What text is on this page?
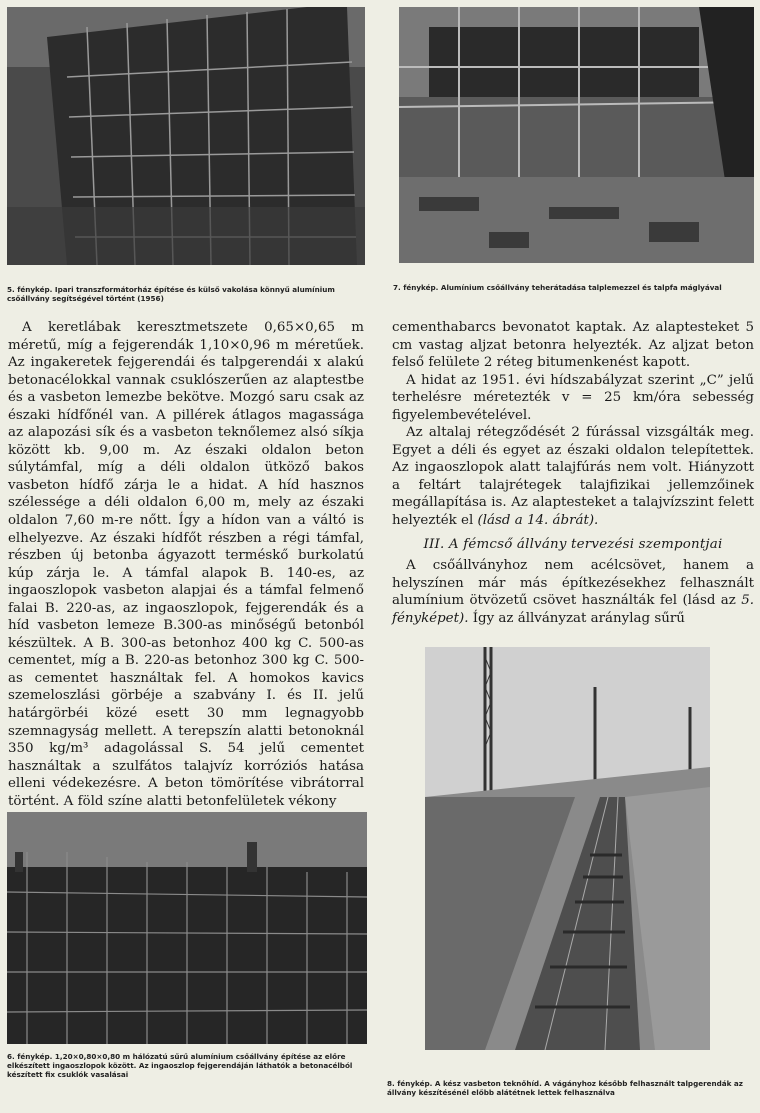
5. fénykép. Ipari transzformátorház építése és külső vakolása könnyű alumínium csőállvány segítségével történt (1956)

7. fénykép. Alumínium csőállvány teherátadása talplemezzel és talpfa máglyával

A keretlábak keresztmetszete 0,65×0,65 m méretű, míg a fejgerendák 1,10×0,96 m méretűek. Az ingakeretek fejgerendái és talpgerendái x alakú betonacélokkal vannak csuklószerűen az alaptestbe és a vasbeton lemezbe bekötve. Mozgó saru csak az északi hídfőnél van. A pillérek átlagos magassága az alapozási sík és a vasbeton teknőlemez alsó síkja között kb. 9,00 m. Az északi oldalon beton súlytámfal, míg a déli oldalon ütköző bakos vasbeton hídfő zárja le a hidat. A híd hasznos szélessége a déli oldalon 6,00 m, mely az északi oldalon 7,60 m-re nőtt. Így a hídon van a váltó is elhelyezve. Az északi hídfőt részben a régi támfal, részben új betonba ágyazott terméskő burkolatú kúp zárja le. A támfal alapok B. 140-es, az ingaoszlopok vasbeton alapjai és a támfal felmenő falai B. 220-as, az ingaoszlopok, fejgerendák és a híd vasbeton lemeze B.300-as minőségű betonból készültek. A B. 300-as betonhoz 400 kg C. 500-as cementet, míg a B. 220-as betonhoz 300 kg C. 500-as cementet használtak fel. A homokos kavics szemeloszlási görbéje a szabvány I. és II. jelű határgörbéi közé esett 30 mm legnagyobb szemnagyság mellett. A terepszín alatti betonoknál 350 kg/m³ adagolással S. 54 jelű cementet használtak a szulfátos talajvíz korróziós hatása elleni védekezésre. A beton tömörítése vibrátorral történt. A föld színe alatti betonfelületek vékony

cementhabarcs bevonatot kaptak. Az alaptesteket 5 cm vastag aljzat betonra helyezték. Az aljzat beton felső felülete 2 réteg bitumenkenést kapott.

A hidat az 1951. évi hídszabályzat szerint „C” jelű terhelésre méretezték v = 25 km/óra sebesség figyelembevételével.

Az altalaj rétegződését 2 fúrással vizsgálták meg. Egyet a déli és egyet az északi oldalon telepítettek. Az ingaoszlopok alatt talajfúrás nem volt. Hiányzott a feltárt talajrétegek talajfizikai jellemzőinek megállapítása is. Az alaptesteket a talajvízszint felett helyezték el (lásd a 14. ábrát).

III. A fémcső állvány tervezési szempontjai

A csőállványhoz nem acélcsövet, hanem a helyszínen már más építkezésekhez felhasznált alumínium ötvözetű csövet használták fel (lásd az 5. fényképet). Így az állványzat aránylag sűrű

8. fénykép. A kész vasbeton teknőhíd. A vágányhoz később felhasznált talpgerendák az állvány készítésénél előbb alátétnek lettek felhasználva

6. fénykép. 1,20×0,80×0,80 m hálózatú sűrű alumínium csőállvány építése az előre elkészített ingaoszlopok között. Az ingaoszlop fejgerendáján láthatók a betonacélból készített fix csuklók vasalásai
